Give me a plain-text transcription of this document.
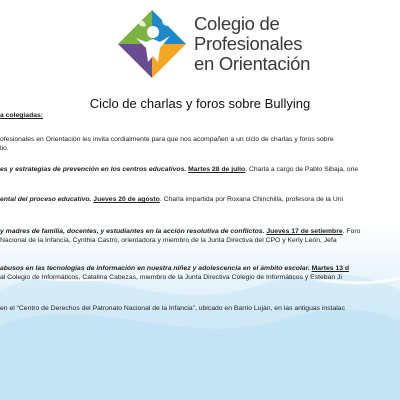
Colegio de
Profesionales
en Orientación
Ciclo de charlas y foros sobre Bullying
a colegiadas:
ofesionales en Orientación les invita cordialmente para que nos acompañen a un ciclo de charlas y foros sobre
lio.
es y estrategias de prevención en los centros educativos. Martes 28 de julio. Charla a cargo de Pablo Sibaja, orie
ental del proceso educativo. Jueves 20 de agosto. Charla impartida por Roxana Chinchilla, profesora de la Uni
y madres de familia, docentes, y estudiantes en la acción resolutiva de conflictos. Jueves 17 de setiembre. Foro
Nacional de la Infancia, Cynthia Castro, orientadora y miembro de la Junta Directiva del CPO y Kerly León, Jefa
abusos en las tecnologías de información en nuestra niñez y adolescencia en el ámbito escolar. Martes 13 d
al Colegio de Informáticos, Catalina Cabezas, miembro de la Junta Directiva Colegio de Informáticos y Esteban Ji
en el “Centro de Derechos del Patronato Nacional de la Infancia”, ubicado en Barrio Luján, en las antiguas instalac
